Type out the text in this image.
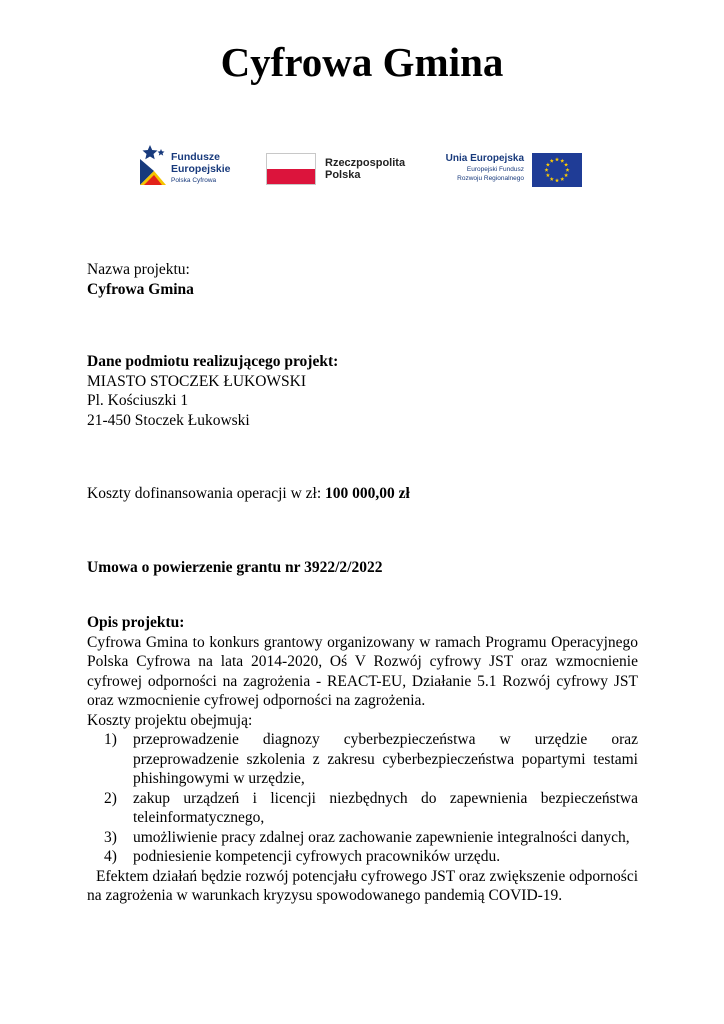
Cyfrowa Gmina
Fundusze
Europejskie
Polska Cyfrowa
Rzeczpospolita
Polska
Unia Europejska
Europejski Fundusz
Rozwoju Regionalnego

Nazwa projektu:

Cyfrowa Gmina

Dane podmiotu realizującego projekt:

MIASTO STOCZEK ŁUKOWSKI

Pl. Kościuszki 1

21-450 Stoczek Łukowski

Koszty dofinansowania operacji w zł: 100 000,00 zł

Umowa o powierzenie grantu nr 3922/2/2022

Opis projektu:

Cyfrowa Gmina to konkurs grantowy organizowany w ramach Programu Operacyjnego Polska Cyfrowa na lata 2014-2020, Oś V Rozwój cyfrowy JST oraz wzmocnienie cyfrowej odporności na zagrożenia - REACT-EU, Działanie 5.1 Rozwój cyfrowy JST oraz wzmocnienie cyfrowej odporności na zagrożenia.

Koszty projektu obejmują:

1) przeprowadzenie diagnozy cyberbezpieczeństwa w urzędzie oraz przeprowadzenie szkolenia z zakresu cyberbezpieczeństwa popartymi testami phishingowymi w urzędzie,
2) zakup urządzeń i licencji niezbędnych do zapewnienia bezpieczeństwa teleinformatycznego,
3) umożliwienie pracy zdalnej oraz zachowanie zapewnienie integralności danych,
4) podniesienie kompetencji cyfrowych pracowników urzędu.

Efektem działań będzie rozwój potencjału cyfrowego JST oraz zwiększenie odporności na zagrożenia w warunkach kryzysu spowodowanego pandemią COVID-19.
